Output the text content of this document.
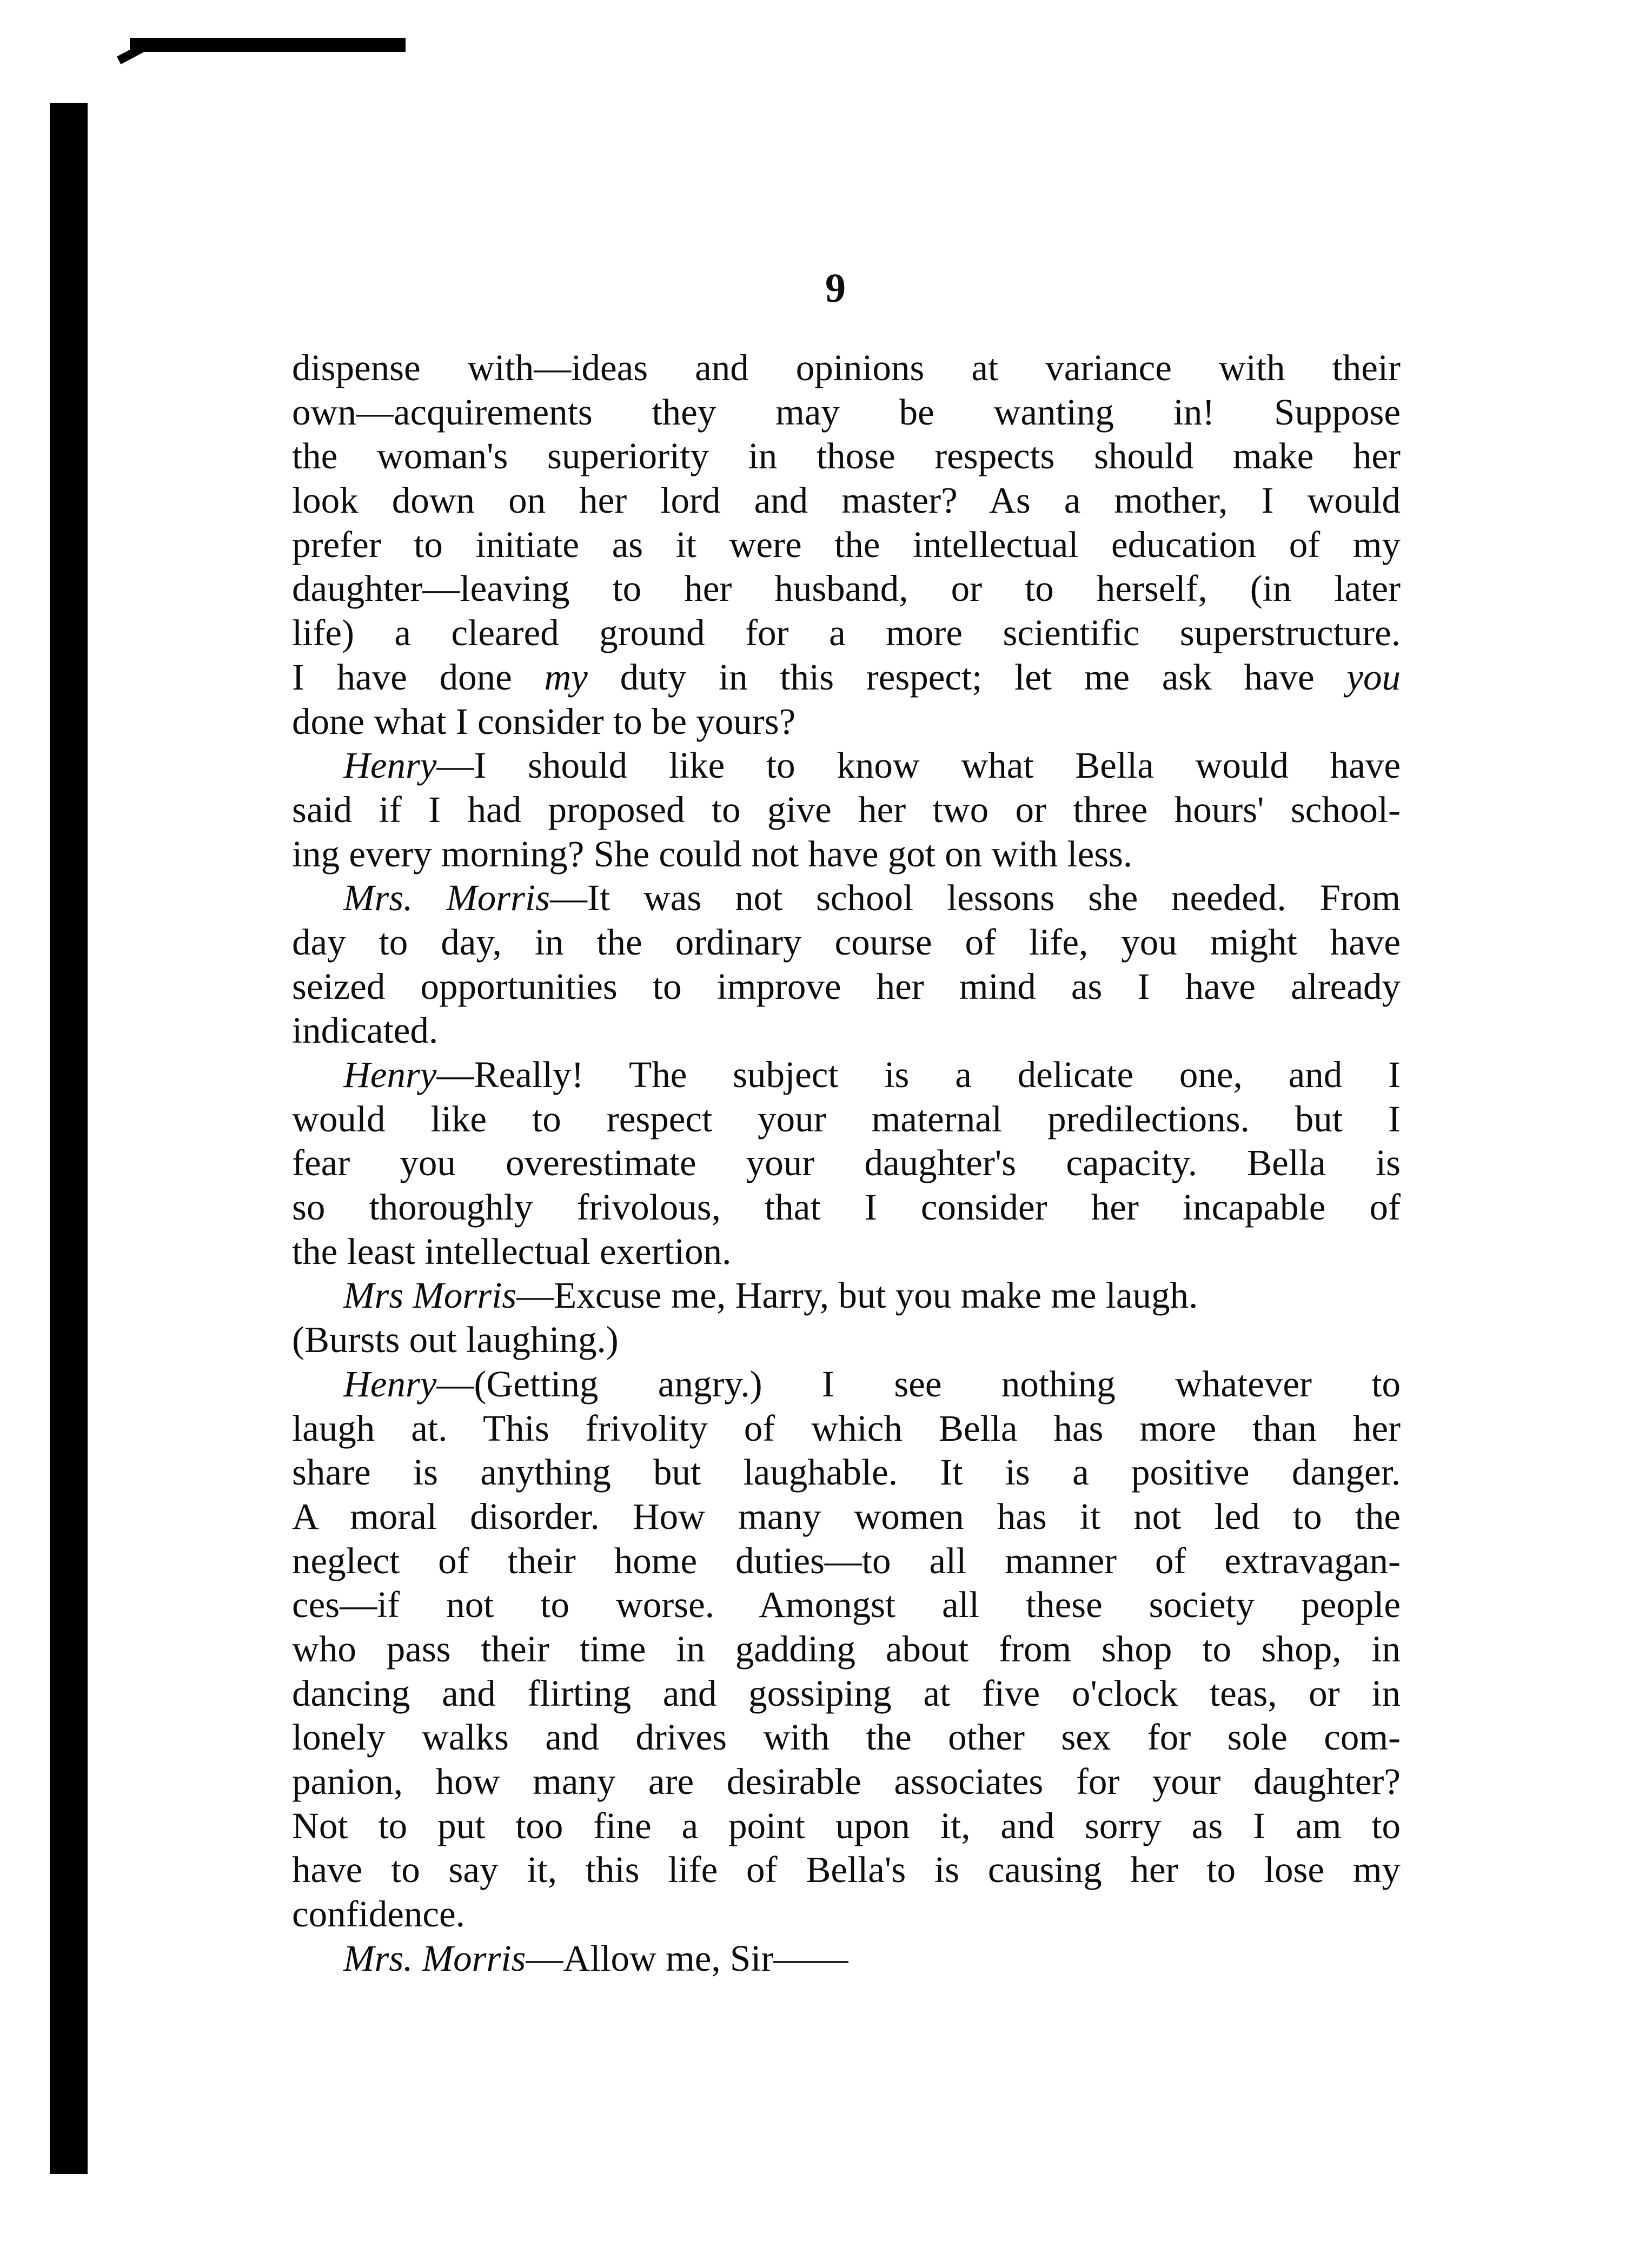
9
dispense with—ideas and opinions at variance with their
own—acquirements they may be wanting in! Suppose
the woman's superiority in those respects should make her
look down on her lord and master? As a mother, I would
prefer to initiate as it were the intellectual education of my
daughter—leaving to her husband, or to herself, (in later
life) a cleared ground for a more scientific superstructure.
I have done my duty in this respect; let me ask have you
done what I consider to be yours?
Henry—I should like to know what Bella would have
said if I had proposed to give her two or three hours' school-
ing every morning? She could not have got on with less.
Mrs. Morris—It was not school lessons she needed. From
day to day, in the ordinary course of life, you might have
seized opportunities to improve her mind as I have already
indicated.
Henry—Really! The subject is a delicate one, and I
would like to respect your maternal predilections. but I
fear you overestimate your daughter's capacity. Bella is
so thoroughly frivolous, that I consider her incapable of
the least intellectual exertion.
Mrs Morris—Excuse me, Harry, but you make me laugh.
(Bursts out laughing.)
Henry—(Getting angry.) I see nothing whatever to
laugh at. This frivolity of which Bella has more than her
share is anything but laughable. It is a positive danger.
A moral disorder. How many women has it not led to the
neglect of their home duties—to all manner of extravagan-
ces—if not to worse. Amongst all these society people
who pass their time in gadding about from shop to shop, in
dancing and flirting and gossiping at five o'clock teas, or in
lonely walks and drives with the other sex for sole com-
panion, how many are desirable associates for your daughter?
Not to put too fine a point upon it, and sorry as I am to
have to say it, this life of Bella's is causing her to lose my
confidence.
Mrs. Morris—Allow me, Sir——
